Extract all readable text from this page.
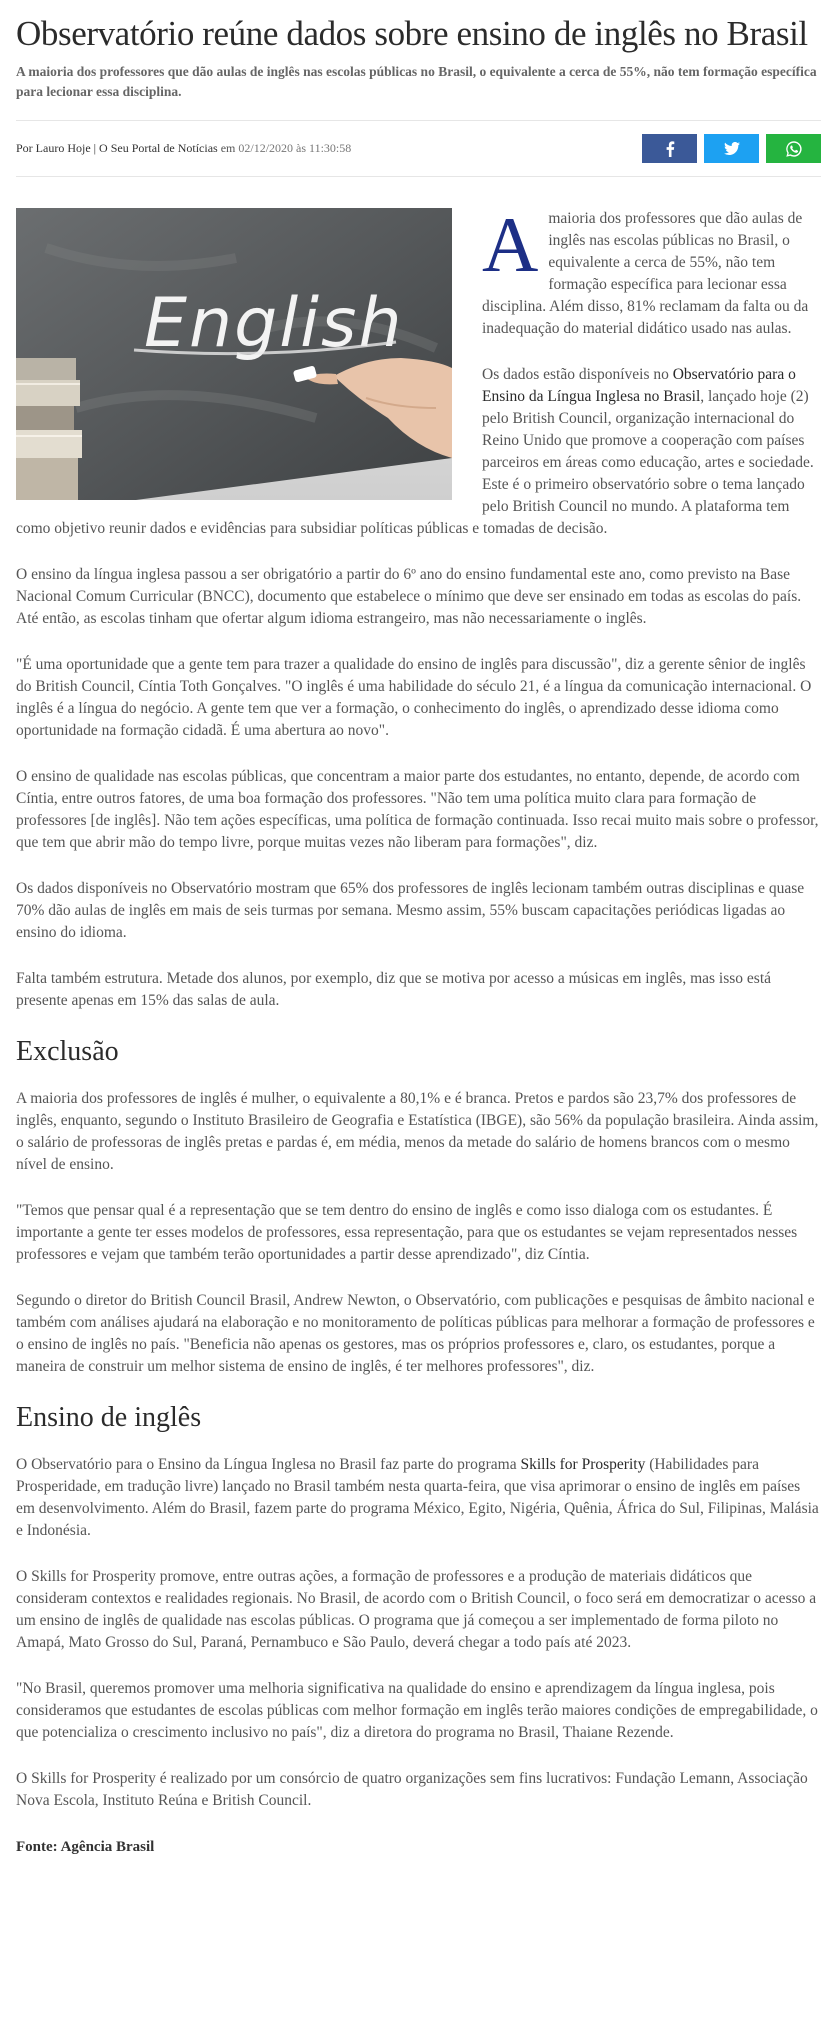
Observatório reúne dados sobre ensino de inglês no Brasil
A maioria dos professores que dão aulas de inglês nas escolas públicas no Brasil, o equivalente a cerca de 55%, não tem formação específica para lecionar essa disciplina.
Por Lauro Hoje | O Seu Portal de Notícias em 02/12/2020 às 11:30:58
English

A maioria dos professores que dão aulas de inglês nas escolas públicas no Brasil, o equivalente a cerca de 55%, não tem formação específica para lecionar essa disciplina. Além disso, 81% reclamam da falta ou da inadequação do material didático usado nas aulas.

Os dados estão disponíveis no Observatório para o Ensino da Língua Inglesa no Brasil, lançado hoje (2) pelo British Council, organização internacional do Reino Unido que promove a cooperação com países parceiros em áreas como educação, artes e sociedade. Este é o primeiro observatório sobre o tema lançado pelo British Council no mundo. A plataforma tem como objetivo reunir dados e evidências para subsidiar políticas públicas e tomadas de decisão.

O ensino da língua inglesa passou a ser obrigatório a partir do 6º ano do ensino fundamental este ano, como previsto na Base Nacional Comum Curricular (BNCC), documento que estabelece o mínimo que deve ser ensinado em todas as escolas do país. Até então, as escolas tinham que ofertar algum idioma estrangeiro, mas não necessariamente o inglês.

"É uma oportunidade que a gente tem para trazer a qualidade do ensino de inglês para discussão", diz a gerente sênior de inglês do British Council, Cíntia Toth Gonçalves. "O inglês é uma habilidade do século 21, é a língua da comunicação internacional. O inglês é a língua do negócio. A gente tem que ver a formação, o conhecimento do inglês, o aprendizado desse idioma como oportunidade na formação cidadã. É uma abertura ao novo".

O ensino de qualidade nas escolas públicas, que concentram a maior parte dos estudantes, no entanto, depende, de acordo com Cíntia, entre outros fatores, de uma boa formação dos professores. "Não tem uma política muito clara para formação de professores [de inglês]. Não tem ações específicas, uma política de formação continuada. Isso recai muito mais sobre o professor, que tem que abrir mão do tempo livre, porque muitas vezes não liberam para formações", diz.

Os dados disponíveis no Observatório mostram que 65% dos professores de inglês lecionam também outras disciplinas e quase 70% dão aulas de inglês em mais de seis turmas por semana. Mesmo assim, 55% buscam capacitações periódicas ligadas ao ensino do idioma.

Falta também estrutura. Metade dos alunos, por exemplo, diz que se motiva por acesso a músicas em inglês, mas isso está presente apenas em 15% das salas de aula.

Exclusão

A maioria dos professores de inglês é mulher, o equivalente a 80,1% e é branca. Pretos e pardos são 23,7% dos professores de inglês, enquanto, segundo o Instituto Brasileiro de Geografia e Estatística (IBGE), são 56% da população brasileira. Ainda assim, o salário de professoras de inglês pretas e pardas é, em média, menos da metade do salário de homens brancos com o mesmo nível de ensino.

"Temos que pensar qual é a representação que se tem dentro do ensino de inglês e como isso dialoga com os estudantes. É importante a gente ter esses modelos de professores, essa representação, para que os estudantes se vejam representados nesses professores e vejam que também terão oportunidades a partir desse aprendizado", diz Cíntia.

Segundo o diretor do British Council Brasil, Andrew Newton, o Observatório, com publicações e pesquisas de âmbito nacional e também com análises ajudará na elaboração e no monitoramento de políticas públicas para melhorar a formação de professores e o ensino de inglês no país. "Beneficia não apenas os gestores, mas os próprios professores e, claro, os estudantes, porque a maneira de construir um melhor sistema de ensino de inglês, é ter melhores professores", diz.

Ensino de inglês

O Observatório para o Ensino da Língua Inglesa no Brasil faz parte do programa Skills for Prosperity (Habilidades para Prosperidade, em tradução livre) lançado no Brasil também nesta quarta-feira, que visa aprimorar o ensino de inglês em países em desenvolvimento. Além do Brasil, fazem parte do programa México, Egito, Nigéria, Quênia, África do Sul, Filipinas, Malásia e Indonésia.

O Skills for Prosperity promove, entre outras ações, a formação de professores e a produção de materiais didáticos que consideram contextos e realidades regionais. No Brasil, de acordo com o British Council, o foco será em democratizar o acesso a um ensino de inglês de qualidade nas escolas públicas. O programa que já começou a ser implementado de forma piloto no Amapá, Mato Grosso do Sul, Paraná, Pernambuco e São Paulo, deverá chegar a todo país até 2023.

"No Brasil, queremos promover uma melhoria significativa na qualidade do ensino e aprendizagem da língua inglesa, pois consideramos que estudantes de escolas públicas com melhor formação em inglês terão maiores condições de empregabilidade, o que potencializa o crescimento inclusivo no país", diz a diretora do programa no Brasil, Thaiane Rezende.

O Skills for Prosperity é realizado por um consórcio de quatro organizações sem fins lucrativos: Fundação Lemann, Associação Nova Escola, Instituto Reúna e British Council.

Fonte: Agência Brasil
